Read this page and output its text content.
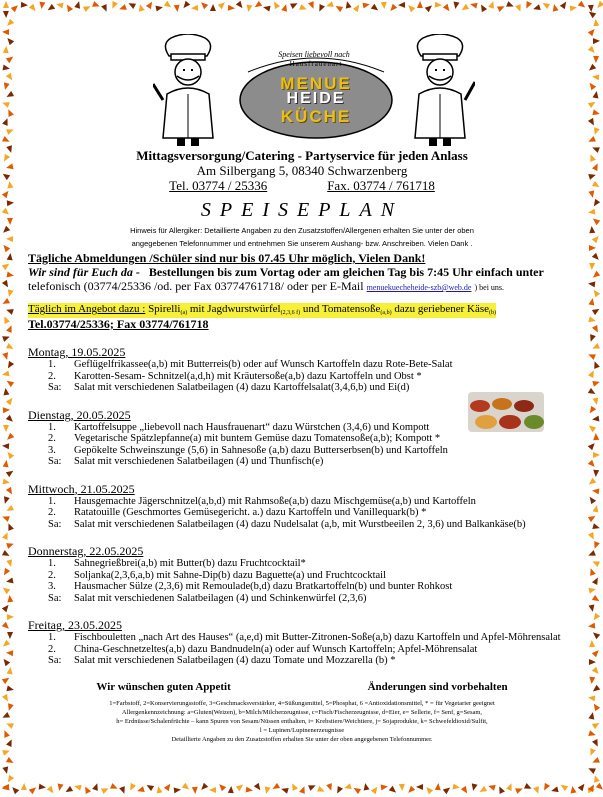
Speisen liebevoll nach
Hausfrauenart
MENUE
HEIDE
KÜCHE
Mittagsversorgung/Catering - Partyservice für jeden Anlass
Am Silbergang 5, 08340 Schwarzenberg
Tel. 03774 / 25336	Fax. 03774 / 761718
SPEISEPLAN
Hinweis für Allergiker: Detaillierte Angaben zu den Zusatzstoffen/Allergenen erhalten Sie unter der oben
angegebenen Telefonnummer und entnehmen Sie unserem Aushang- bzw. Anschreiben. Vielen Dank .
Tägliche Abmeldungen /Schüler sind nur bis 07.45 Uhr möglich, Vielen Dank!
Wir sind für Euch da - Bestellungen bis zum Vortag oder am gleichen Tag bis 7:45 Uhr einfach unter
telefonisch (03774/25336 /od. per Fax 03774761718/ oder per E-Mail menuekuecheheide-szb@web.de ) bei uns.
Täglich im Angebot dazu : Spirelli$_{(a)}$ mit Jagdwurstwürfel$_{(2,3,6 f)}$ und Tomatensoße$_{(a,b)}$ dazu geriebener Käse$_{(b)}$
Tel.03774/25336; Fax 03774/761718
Montag, 19.05.2025
1.	Geflügelfrikassee(a,b) mit Butterreis(b) oder auf Wunsch Kartoffeln dazu Rote-Bete-Salat
2.	Karotten-Sesam- Schnitzel(a,d,h) mit Kräutersoße(a,b) dazu Kartoffeln und Obst *
Sa:	Salat mit verschiedenen Salatbeilagen (4) dazu Kartoffelsalat(3,4,6,b) und Ei(d)
Dienstag, 20.05.2025
1.	Kartoffelsuppe „liebevoll nach Hausfrauenart“ dazu Würstchen (3,4,6) und Kompott
2.	Vegetarische Spätzlepfanne(a) mit buntem Gemüse dazu Tomatensoße(a,b); Kompott *
3.	Gepökelte Schweinszunge (5,6) in Sahnesoße (a,b) dazu Butterserbsen(b) und Kartoffeln
Sa:	Salat mit verschiedenen Salatbeilagen (4) und Thunfisch(e)
Mittwoch, 21.05.2025
1.	Hausgemachte Jägerschnitzel(a,b,d) mit Rahmsoße(a,b) dazu Mischgemüse(a,b) und Kartoffeln
2.	Ratatouille (Geschmortes Gemüsegericht. a.) dazu Kartoffeln und Vanillequark(b) *
Sa:	Salat mit verschiedenen Salatbeilagen (4) dazu Nudelsalat (a,b, mit Wurstbeeilen 2, 3,6) und Balkankäse(b)
Donnerstag, 22.05.2025
1.	Sahnegrießbrei(a,b) mit Butter(b) dazu Fruchtcocktail*
2.	Soljanka(2,3,6,a,b) mit Sahne-Dip(b) dazu Baguette(a) und Fruchtcocktail
3.	Hausmacher Sülze (2,3,6) mit Remoulade(b,d) dazu Bratkartoffeln(b) und bunter Rohkost
Sa:	Salat mit verschiedenen Salatbeilagen (4) und Schinkenwürfel (2,3,6)
Freitag, 23.05.2025
1.	Fischbouletten „nach Art des Hauses“ (a,e,d) mit Butter-Zitronen-Soße(a,b) dazu Kartoffeln und Apfel-Möhrensalat
2.	China-Geschnetzeltes(a,b) dazu Bandnudeln(a) oder auf Wunsch Kartoffeln; Apfel-Möhrensalat
Sa:	Salat mit verschiedenen Salatbeilagen (4) dazu Tomate und Mozzarella (b) *
Wir wünschen guten Appetit	Änderungen sind vorbehalten
1=Farbstoff, 2=Konservierungsstoffe, 3=Geschmacksverstärker, 4=Süßungsmittel, 5=Phosphat, 6 =Antioxidationsmittel, * = für Vegetarier geeignet
Allergenkennzeichnung: a=Gluten(Weizen), b=Milch/Milcherzeugnisse, c=Fisch/Fischerzeugnisse, d=Eier, e= Sellerie, f= Senf, g=Sesam,
h= Erdnüsse/Schalenfrüchte – kann Spuren von Sesam/Nüssen enthalten, i= Krebstiere/Weichtiere, j= Sojaprodukte, k= Schwefeldioxid/Sulfit,
l = Lupinen/Lupinenerzeugnisse
Detaillierte Angaben zu den Zusatzstoffen erhalten Sie unter der oben angegebenen Telefonnummer.
